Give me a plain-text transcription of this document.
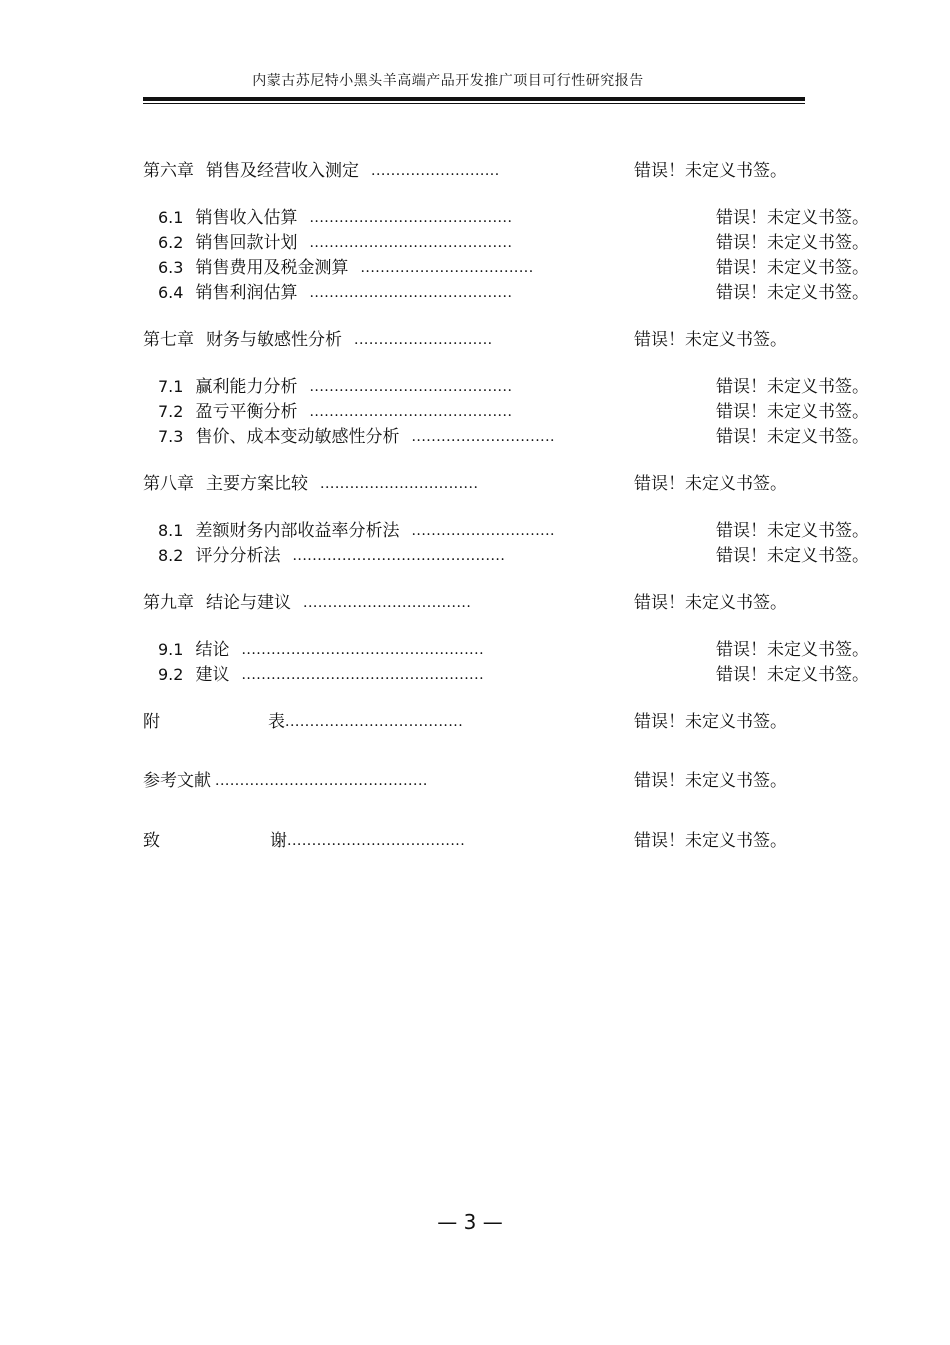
内蒙古苏尼特小黑头羊高端产品开发推广项目可行性研究报告
第六章 销售及经营收入测定 ..........................	错误！未定义书签。
6.1 销售收入估算 .........................................	错误！未定义书签。
6.2 销售回款计划 .........................................	错误！未定义书签。
6.3 销售费用及税金测算 ...................................	错误！未定义书签。
6.4 销售利润估算 .........................................	错误！未定义书签。
第七章 财务与敏感性分析 ............................	错误！未定义书签。
7.1 赢利能力分析 .........................................	错误！未定义书签。
7.2 盈亏平衡分析 .........................................	错误！未定义书签。
7.3 售价、成本变动敏感性分析 .............................	错误！未定义书签。
第八章 主要方案比较 ................................	错误！未定义书签。
8.1 差额财务内部收益率分析法 .............................	错误！未定义书签。
8.2 评分分析法 ...........................................	错误！未定义书签。
第九章 结论与建议 ..................................	错误！未定义书签。
9.1 结论 .................................................	错误！未定义书签。
9.2 建议 .................................................	错误！未定义书签。
附	表....................................	错误！未定义书签。
参考文献 ...........................................	错误！未定义书签。
致	谢....................................	错误！未定义书签。
— 3 —
